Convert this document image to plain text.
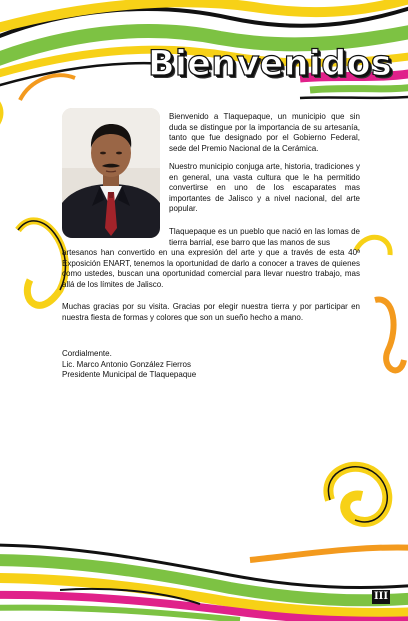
Bienvenidos
Bienvenido a Tlaquepaque, un municipio que sin duda se distingue por la importancia de su artesanía, tanto que fue designado por el Gobierno Federal, sede del Premio Nacional de la Cerámica.
Nuestro municipio conjuga arte, historia, tradiciones y en general, una vasta cultura que le ha permitido convertirse en uno de los escaparates mas importantes de Jalisco y a nivel nacional, del arte popular.
Tlaquepaque es un pueblo que nació en las lomas de tierra barrial, ese barro que las manos de sus
artesanos han convertido en una expresión del arte y que a través de esta 40ª Exposición ENART, tenemos la oportunidad de darlo a conocer a traves de quienes como ustedes, buscan una oportunidad comercial para llevar nuestro trabajo, mas allá de los límites de Jalisco.
Muchas gracias por su visita. Gracias por elegir nuestra tierra y por participar en nuestra fiesta de formas y colores que son un sueño hecho a mano.
Cordialmente.
Lic. Marco Antonio González Fierros
Presidente Municipal de Tlaquepaque
III
